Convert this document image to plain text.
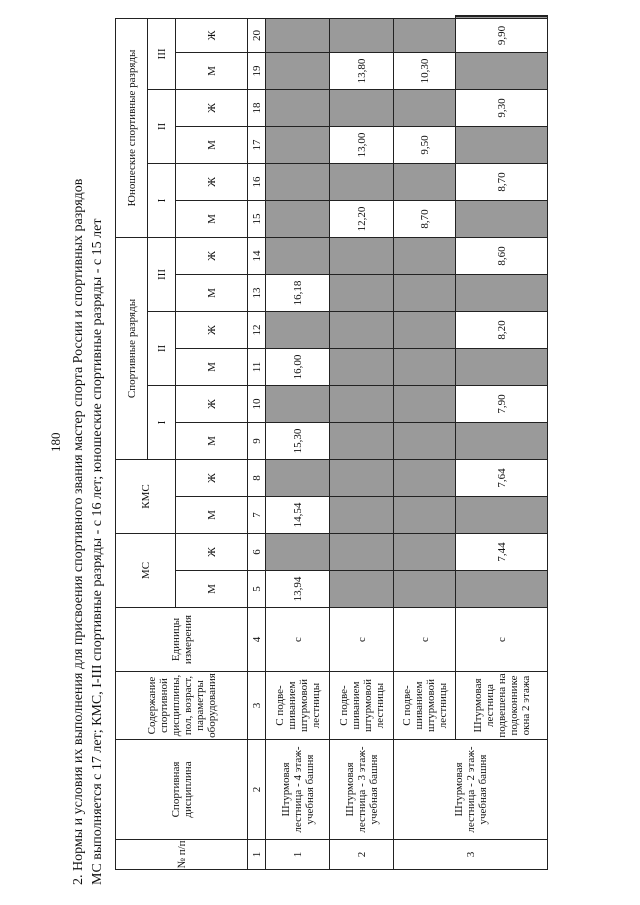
180 2. Нормы и условия их выполнения для присвоения спортивного звания мастер спорта России и спортивных разрядов МС выполняется с 17 лет; КМС, I-III спортивные разряды - с 16 лет; юношеские спортивные разряды - с 15 лет	№ п/п	Спортивная дисциплина	Содержание спортивной дисциплины, пол, возраст, параметры оборудования	Единицы измерения	МС		КМС		Спортивные разряды						Юношеские спортивные разряды							
								I		II		III		I		II		III			
				М	Ж	М	Ж	М	Ж	М	Ж	М	Ж	М	Ж	М	Ж	М	Ж		

1	2	3	4	5	6	7	8	9	10	11	12	13	14	15	16	17	18	19	20		
1	Штурмовая лестница - 4 этаж-учебная башня	С подве-шиванием штурмовой лестницы	с	13,94		14,54		15,30		16,00		16,18									
2	Штурмовая лестница - 3 этаж-учебная башня	С подве-шиванием штурмовой лестницы	с											12,20		13,00		13,80			
3	Штурмовая лестница - 2 этаж-учебная башня	С подве-шиванием штурмовой лестницы	с											8,70		9,50		10,30			
		Штурмовая лестница подвешена на подоконнике окна 2 этажа	с		7,44		7,64		7,90		8,20		8,60		8,70		9,30		9,90		
